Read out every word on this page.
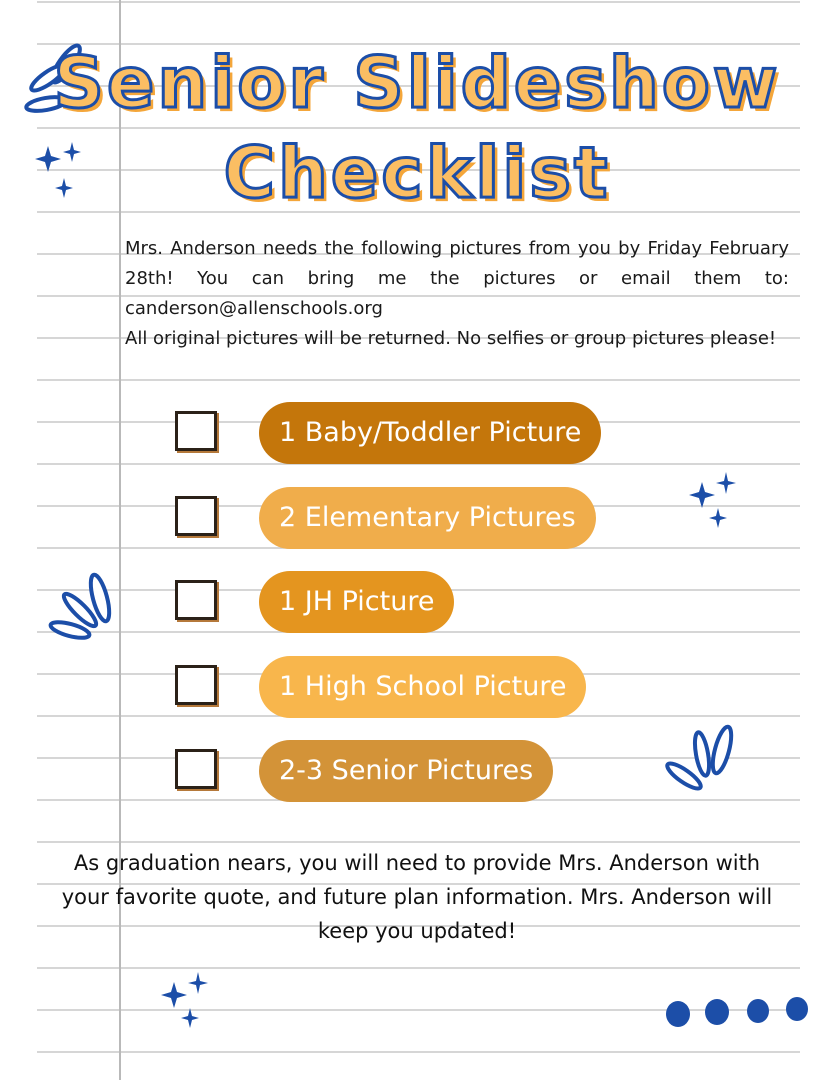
Senior Slideshow
Checklist

Mrs. Anderson needs the following pictures from you by Friday February 28th! You can bring me the pictures or email them to: canderson@allenschools.org

All original pictures will be returned. No selfies or group pictures please!

1 Baby/Toddler Picture
2 Elementary Pictures
1 JH Picture
1 High School Picture
2-3 Senior Pictures

As graduation nears, you will need to provide Mrs. Anderson with your favorite quote, and future plan information. Mrs. Anderson will keep you updated!
